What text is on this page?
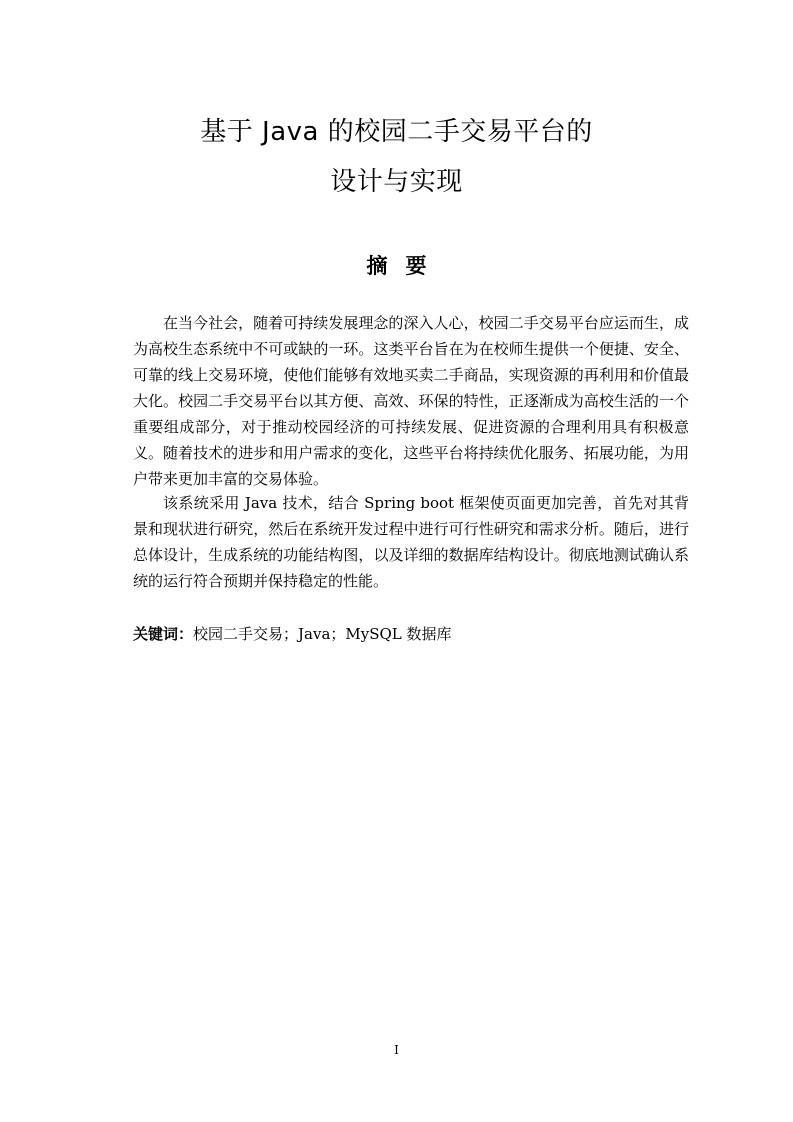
基于 Java 的校园二手交易平台的
设计与实现
摘要

在当今社会，随着可持续发展理念的深入人心，校园二手交易平台应运而生，成为高校生态系统中不可或缺的一环。这类平台旨在为在校师生提供一个便捷、安全、可靠的线上交易环境，使他们能够有效地买卖二手商品，实现资源的再利用和价值最大化。校园二手交易平台以其方便、高效、环保的特性，正逐渐成为高校生活的一个重要组成部分，对于推动校园经济的可持续发展、促进资源的合理利用具有积极意义。随着技术的进步和用户需求的变化，这些平台将持续优化服务、拓展功能，为用户带来更加丰富的交易体验。

该系统采用 Java 技术，结合 Spring boot 框架使页面更加完善，首先对其背景和现状进行研究，然后在系统开发过程中进行可行性研究和需求分析。随后，进行总体设计，生成系统的功能结构图，以及详细的数据库结构设计。彻底地测试确认系统的运行符合预期并保持稳定的性能。

关键词：校园二手交易；Java；MySQL 数据库
I
